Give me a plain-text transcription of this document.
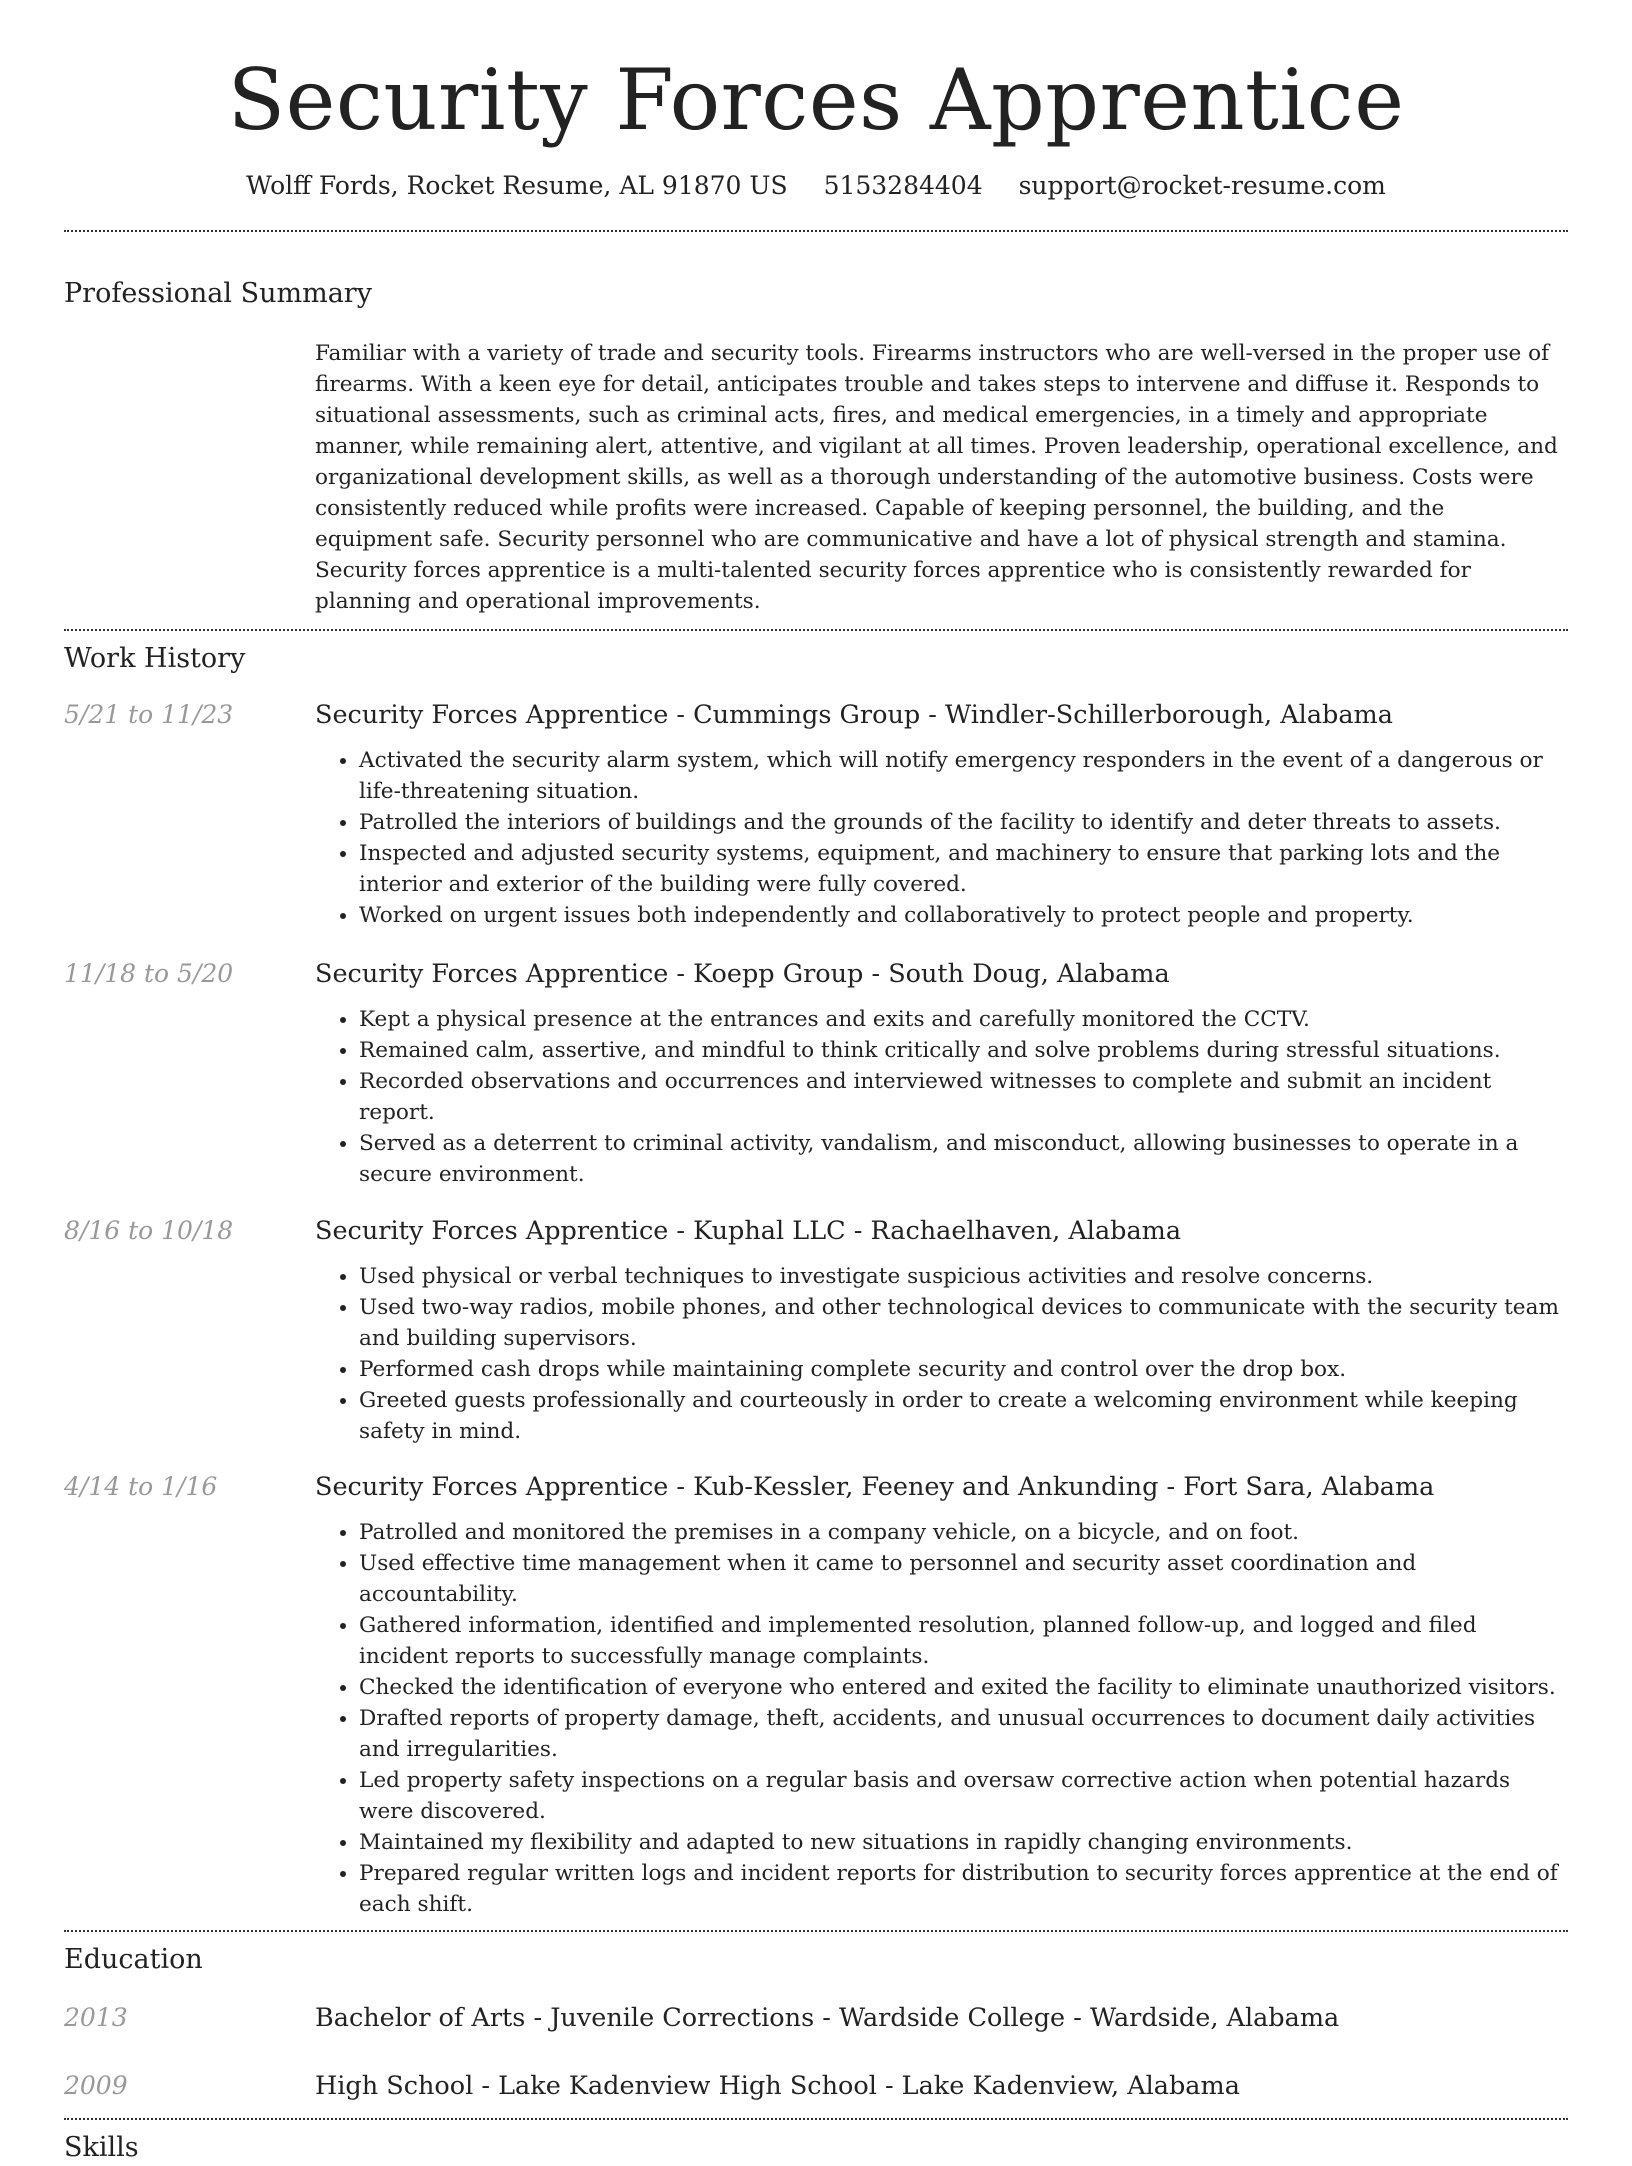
Security Forces Apprentice
Wolff Fords, Rocket Resume, AL 91870 US 5153284404 support@rocket-resume.com
Professional Summary
Familiar with a variety of trade and security tools. Firearms instructors who are well-versed in the proper use of firearms. With a keen eye for detail, anticipates trouble and takes steps to intervene and diffuse it. Responds to situational assessments, such as criminal acts, fires, and medical emergencies, in a timely and appropriate manner, while remaining alert, attentive, and vigilant at all times. Proven leadership, operational excellence, and organizational development skills, as well as a thorough understanding of the automotive business. Costs were consistently reduced while profits were increased. Capable of keeping personnel, the building, and the equipment safe. Security personnel who are communicative and have a lot of physical strength and stamina. Security forces apprentice is a multi-talented security forces apprentice who is consistently rewarded for planning and operational improvements.
Work History
5/21 to 11/23	Security Forces Apprentice - Cummings Group - Windler-Schillerborough, Alabama
• Activated the security alarm system, which will notify emergency responders in the event of a dangerous or life-threatening situation.
• Patrolled the interiors of buildings and the grounds of the facility to identify and deter threats to assets.
• Inspected and adjusted security systems, equipment, and machinery to ensure that parking lots and the interior and exterior of the building were fully covered.
• Worked on urgent issues both independently and collaboratively to protect people and property.
11/18 to 5/20	Security Forces Apprentice - Koepp Group - South Doug, Alabama
• Kept a physical presence at the entrances and exits and carefully monitored the CCTV.
• Remained calm, assertive, and mindful to think critically and solve problems during stressful situations.
• Recorded observations and occurrences and interviewed witnesses to complete and submit an incident report.
• Served as a deterrent to criminal activity, vandalism, and misconduct, allowing businesses to operate in a secure environment.
8/16 to 10/18	Security Forces Apprentice - Kuphal LLC - Rachaelhaven, Alabama
• Used physical or verbal techniques to investigate suspicious activities and resolve concerns.
• Used two-way radios, mobile phones, and other technological devices to communicate with the security team and building supervisors.
• Performed cash drops while maintaining complete security and control over the drop box.
• Greeted guests professionally and courteously in order to create a welcoming environment while keeping safety in mind.
4/14 to 1/16	Security Forces Apprentice - Kub-Kessler, Feeney and Ankunding - Fort Sara, Alabama
• Patrolled and monitored the premises in a company vehicle, on a bicycle, and on foot.
• Used effective time management when it came to personnel and security asset coordination and accountability.
• Gathered information, identified and implemented resolution, planned follow-up, and logged and filed incident reports to successfully manage complaints.
• Checked the identification of everyone who entered and exited the facility to eliminate unauthorized visitors.
• Drafted reports of property damage, theft, accidents, and unusual occurrences to document daily activities and irregularities.
• Led property safety inspections on a regular basis and oversaw corrective action when potential hazards were discovered.
• Maintained my flexibility and adapted to new situations in rapidly changing environments.
• Prepared regular written logs and incident reports for distribution to security forces apprentice at the end of each shift.
Education
2013	Bachelor of Arts - Juvenile Corrections - Wardside College - Wardside, Alabama
2009	High School - Lake Kadenview High School - Lake Kadenview, Alabama
Skills
